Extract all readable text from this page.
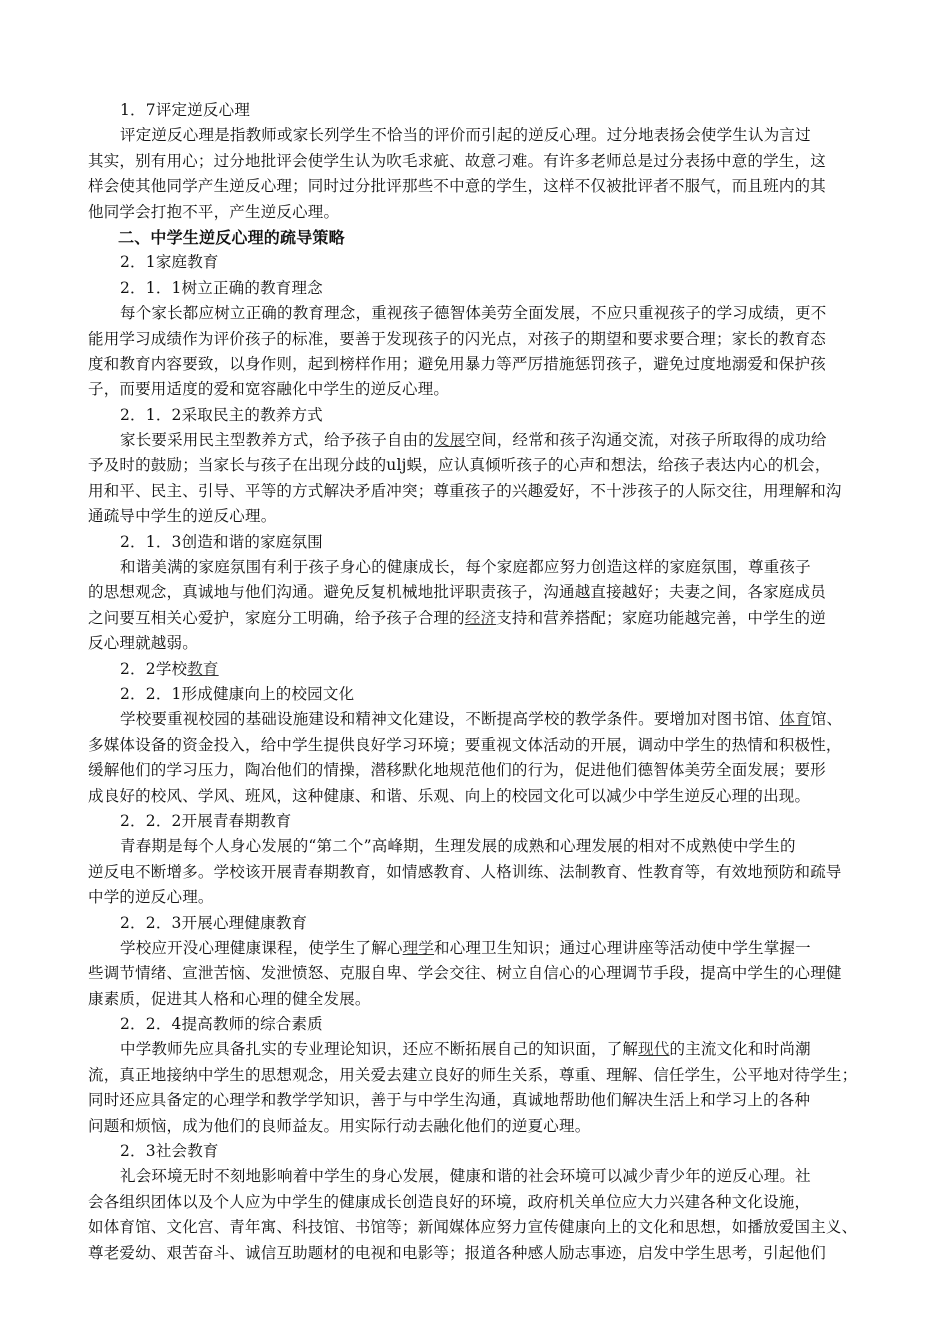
1．7评定逆反心理
评定逆反心理是指教师或家长列学生不恰当的评价而引起的逆反心理。过分地表扬会使学生认为言过
其实，别有用心；过分地批评会使学生认为吹毛求疵、故意刁难。有许多老师总是过分表扬中意的学生，这
样会使其他同学产生逆反心理；同时过分批评那些不中意的学生，这样不仅被批评者不服气，而且班内的其
他同学会打抱不平，产生逆反心理。
二、中学生逆反心理的疏导策略
2．1家庭教育
2．1．1树立正确的教育理念
每个家长都应树立正确的教育理念，重视孩子德智体美劳全面发展，不应只重视孩子的学习成绩，更不
能用学习成绩作为评价孩子的标准，要善于发现孩子的闪光点，对孩子的期望和要求要合理；家长的教育态
度和教育内容要致，以身作则，起到榜样作用；避免用暴力等严厉措施惩罚孩子，避免过度地溺爱和保护孩
子，而要用适度的爱和宽容融化中学生的逆反心理。
2．1．2采取民主的教养方式
家长要采用民主型教养方式，给予孩子自由的发展空间，经常和孩子沟通交流，对孩子所取得的成功给
予及时的鼓励；当家长与孩子在出现分歧的ulj蜈，应认真倾听孩子的心声和想法，给孩子表达内心的机会，
用和平、民主、引导、平等的方式解决矛盾冲突；尊重孩子的兴趣爱好，不十涉孩子的人际交往，用理解和沟
通疏导中学生的逆反心理。
2．1．3创造和谐的家庭氛围
和谐美满的家庭氛围有利于孩子身心的健康成长，每个家庭都应努力创造这样的家庭氛围，尊重孩子
的思想观念，真诚地与他们沟通。避免反复机械地批评职责孩子，沟通越直接越好；夫妻之间，各家庭成员
之问要互相关心爱护，家庭分工明确，给予孩子合理的经济支持和营养搭配；家庭功能越完善，中学生的逆
反心理就越弱。
2．2学校教育
2．2．1形成健康向上的校园文化
学校要重视校园的基础设施建设和精神文化建设，不断提高学校的教学条件。要增加对图书馆、体育馆、
多媒体设备的资金投入，给中学生提供良好学习环境；要重视文体活动的开展，调动中学生的热情和积极性，
缓解他们的学习压力，陶冶他们的情操，潜移默化地规范他们的行为，促进他们德智体美劳全面发展；要形
成良好的校风、学风、班风，这种健康、和谐、乐观、向上的校园文化可以减少中学生逆反心理的出现。
2．2．2开展青春期教育
青春期是每个人身心发展的“第二个”高峰期，生理发展的成熟和心理发展的相对不成熟使中学生的
逆反电不断增多。学校该开展青春期教育，如情感教育、人格训练、法制教育、性教育等，有效地预防和疏导
中学的逆反心理。
2．2．3开展心理健康教育
学校应开没心理健康课程，使学生了解心理学和心理卫生知识；通过心理讲座等活动使中学生掌握一
些调节情绪、宣泄苦恼、发泄愤怒、克服自卑、学会交往、树立自信心的心理调节手段，提高中学生的心理健
康素质，促进其人格和心理的健全发展。
2．2．4提高教师的综合素质
中学教师先应具备扎实的专业理论知识，还应不断拓展自己的知识面，了解现代的主流文化和时尚潮
流，真正地接纳中学生的思想观念，用关爱去建立良好的师生关系，尊重、理解、信任学生，公平地对待学生；
同时还应具备定的心理学和教学学知识，善于与中学生沟通，真诚地帮助他们解决生活上和学习上的各种
问题和烦恼，成为他们的良师益友。用实际行动去融化他们的逆夏心理。
2．3社会教育
礼会环境无时不刻地影响着中学生的身心发展，健康和谐的社会环境可以减少青少年的逆反心理。社
会各组织团体以及个人应为中学生的健康成长创造良好的环境，政府机关单位应大力兴建各种文化设施，
如体育馆、文化宫、青年寓、科技馆、书馆等；新闻媒体应努力宣传健康向上的文化和思想，如播放爱国主义、
尊老爱幼、艰苦奋斗、诚信互助题材的电视和电影等；报道各种感人励志事迹，启发中学生思考，引起他们
